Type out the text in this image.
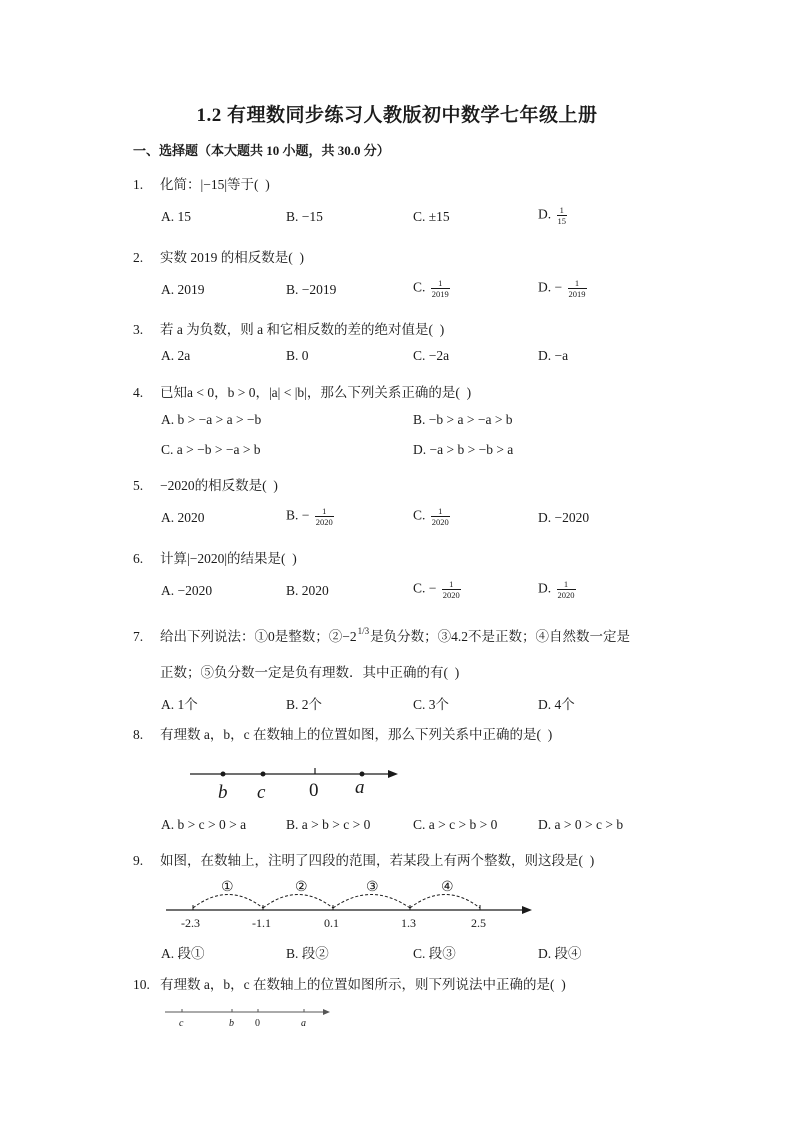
1.2 有理数同步练习人教版初中数学七年级上册
一、选择题（本大题共 10 小题，共 30.0 分）
1. 化简：|−15|等于(  )
A. 15	B. −15	C. ±15	D. $\frac{1}{15}$
2. 实数 2019 的相反数是(  )
A. 2019	B. −2019	C. $\frac{1}{2019}$	D. − $\frac{1}{2019}$
3. 若 a 为负数，则 a 和它相反数的差的绝对值是(  )
A. 2a	B. 0	C. −2a	D. −a
4. 已知a < 0，b > 0，|a| < |b|，那么下列关系正确的是(  )
A. b > −a > a > −b	B. −b > a > −a > b
C. a > −b > −a > b	D. −a > b > −b > a
5. −2020的相反数是(  )
A. 2020	B. − $\frac{1}{2020}$	C. $\frac{1}{2020}$	D. −2020
6. 计算|−2020|的结果是(  )
A. −2020	B. 2020	C. − $\frac{1}{2020}$	D. $\frac{1}{2020}$
7. 给出下列说法：①0是整数；$②-2^{1/3}$是负分数；③4.2不是正数；④自然数一定是
正数；⑤负分数一定是负有理数．其中正确的有(  )
A. 1个	B. 2个	C. 3个	D. 4个
8. 有理数 a，b，c 在数轴上的位置如图，那么下列关系中正确的是(  )
b c 0 a
A. b > c > 0 > a	B. a > b > c > 0	C. a > c > b > 0	D. a > 0 > c > b
9. 如图，在数轴上，注明了四段的范围，若某段上有两个整数，则这段是(  )
①	②	③	④
-2.3	-1.1	0.1	1.3	2.5
A. 段①	B. 段②	C. 段③	D. 段④
10. 有理数 a，b，c 在数轴上的位置如图所示，则下列说法中正确的是(  )
c	b 0	a
